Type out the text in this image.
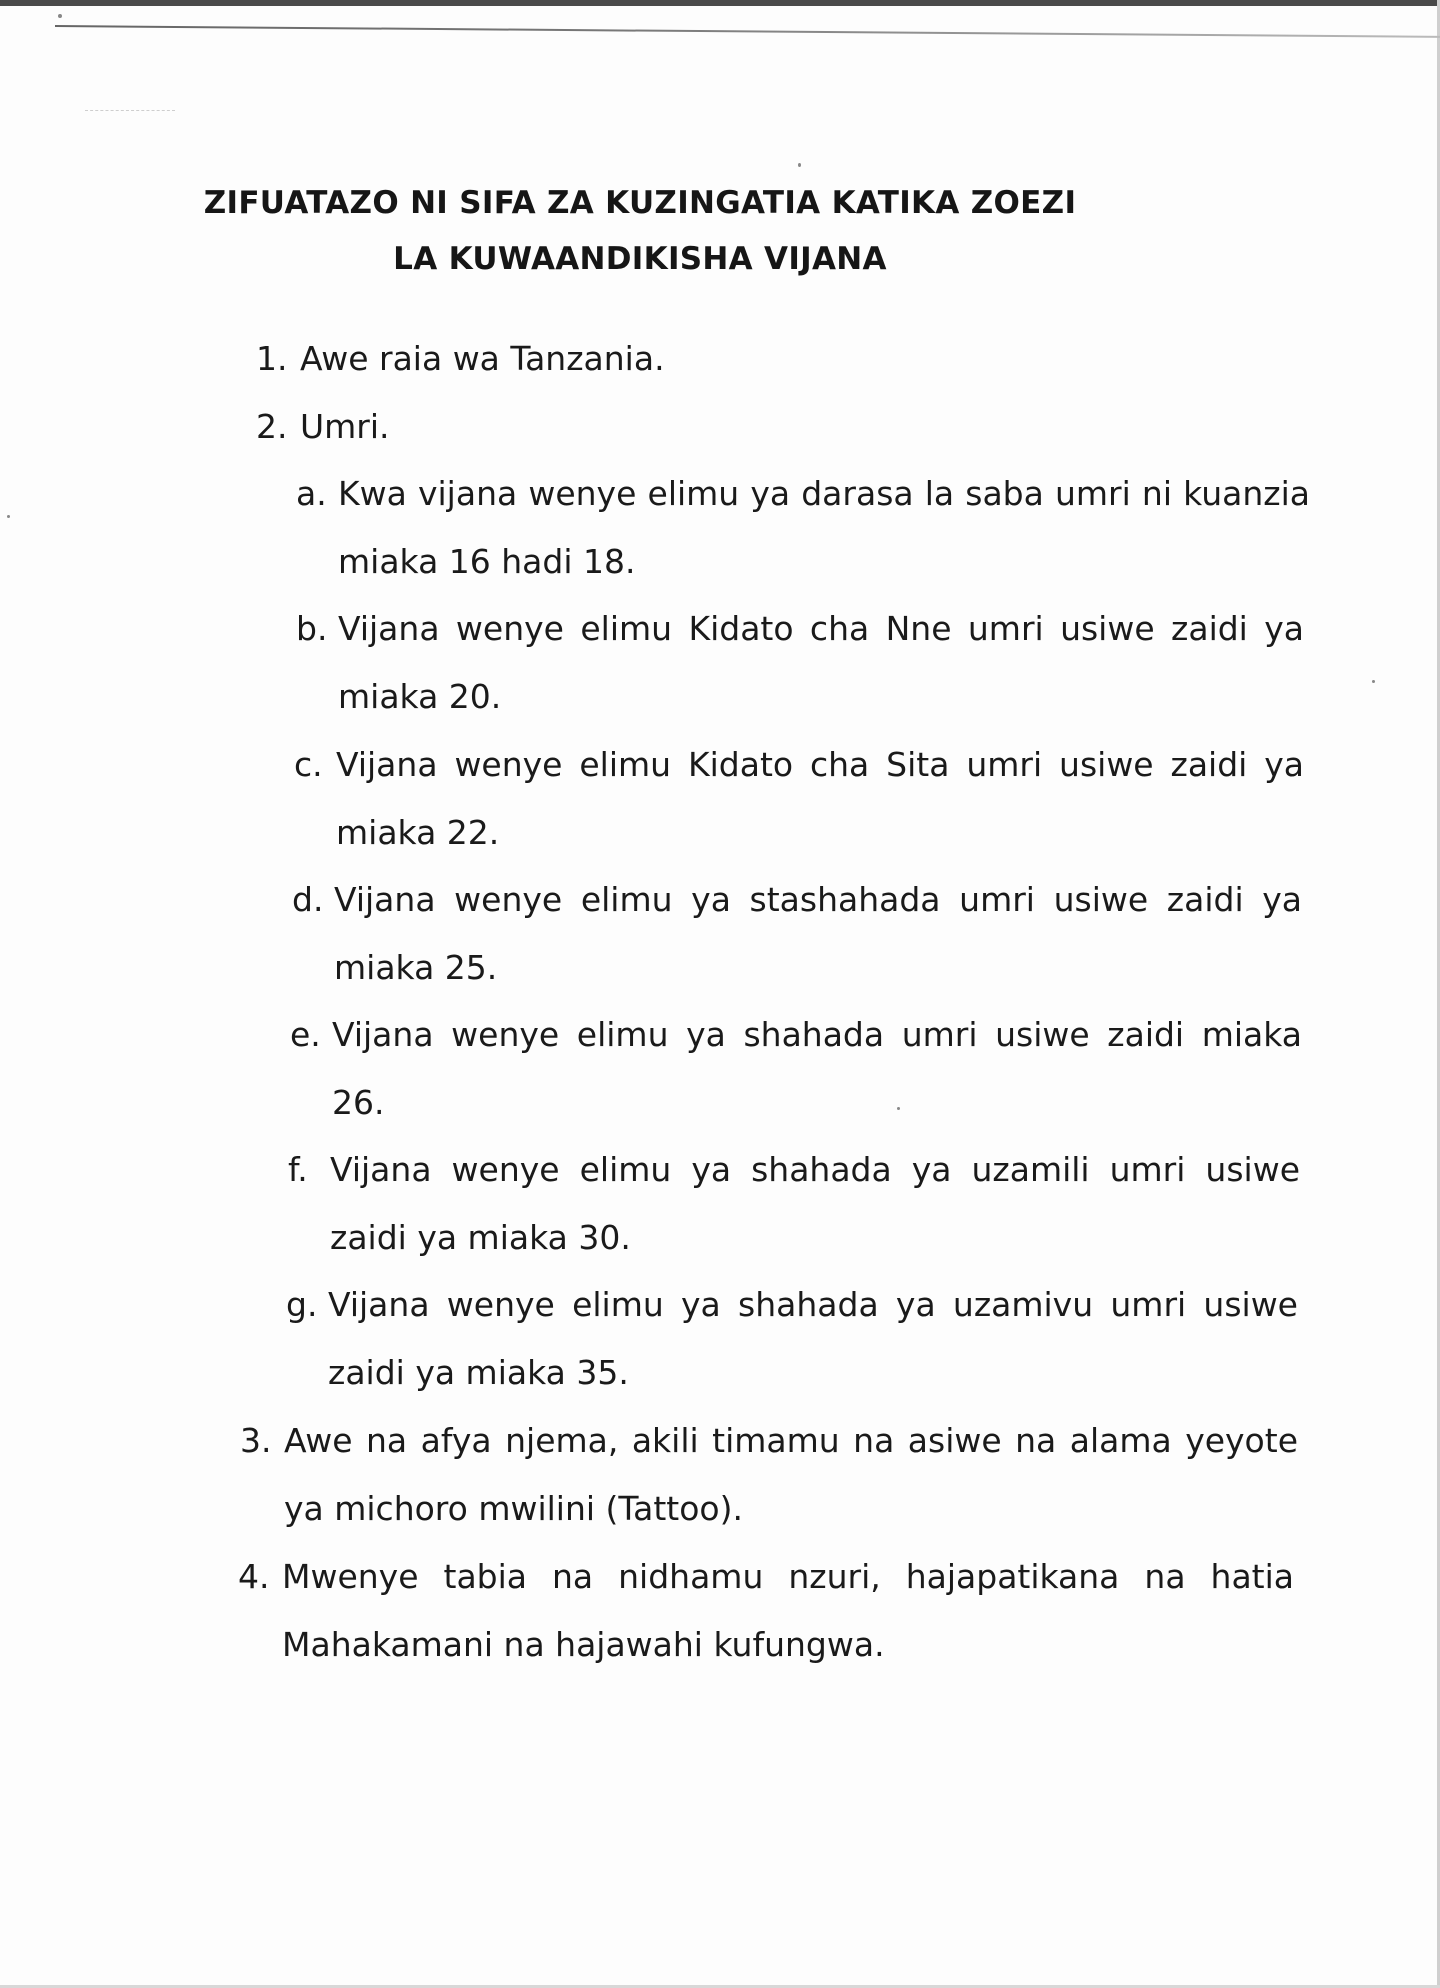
ZIFUATAZO NI SIFA ZA KUZINGATIA KATIKA ZOEZI LA KUWAANDIKISHA VIJANA
1. Awe raia wa Tanzania.
2. Umri.
a. Kwa vijana wenye elimu ya darasa la saba umri ni kuanzia miaka 16 hadi 18.
b. Vijana wenye elimu Kidato cha Nne umri usiwe zaidi ya miaka 20.
c. Vijana wenye elimu Kidato cha Sita umri usiwe zaidi ya miaka 22.
d. Vijana wenye elimu ya stashahada umri usiwe zaidi ya miaka 25.
e. Vijana wenye elimu ya shahada umri usiwe zaidi miaka 26.
f. Vijana wenye elimu ya shahada ya uzamili umri usiwe zaidi ya miaka 30.
g. Vijana wenye elimu ya shahada ya uzamivu umri usiwe zaidi ya miaka 35.
3. Awe na afya njema, akili timamu na asiwe na alama yeyote ya michoro mwilini (Tattoo).
4. Mwenye tabia na nidhamu nzuri, hajapatikana na hatia Mahakamani na hajawahi kufungwa.
